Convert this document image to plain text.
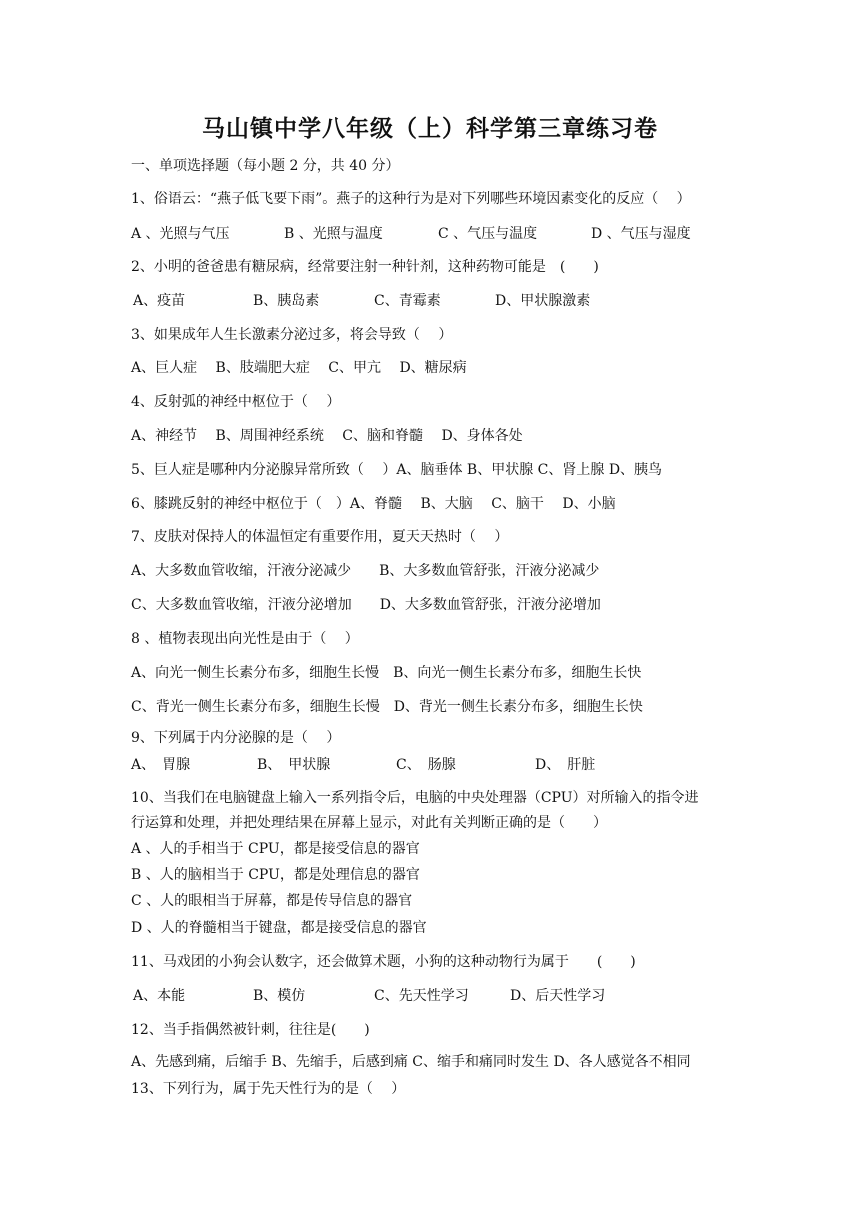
马山镇中学八年级（上）科学第三章练习卷
一、单项选择题（每小题 2 分，共 40 分）
1、俗语云：“燕子低飞要下雨”。燕子的这种行为是对下列哪些环境因素变化的反应（　 ）
A 、光照与气压	B 、光照与温度	C 、气压与温度	D 、气压与湿度
2、小明的爸爸患有糖尿病，经常要注射一种针剂，这种药物可能是　(　　)
A、疫苗	B、胰岛素	C、青霉素	D、甲状腺激素
3、如果成年人生长激素分泌过多，将会导致（　 ）
A、巨人症　 B、肢端肥大症　 C、甲亢　 D、糖尿病
4、反射弧的神经中枢位于（　 ）
A、神经节　 B、周围神经系统　 C、脑和脊髓　 D、身体各处
5、巨人症是哪种内分泌腺异常所致（　 ）A、脑垂体 B、甲状腺 C、肾上腺 D、胰鸟
6、膝跳反射的神经中枢位于（　）A、脊髓　 B、大脑　 C、脑干　 D、小脑
7、皮肤对保持人的体温恒定有重要作用，夏天天热时（　 ）
A、大多数血管收缩，汗液分泌减少　　B、大多数血管舒张，汗液分泌减少
C、大多数血管收缩，汗液分泌增加　　D、大多数血管舒张，汗液分泌增加
8 、植物表现出向光性是由于（　 ）
A、向光一侧生长素分布多，细胞生长慢　B、向光一侧生长素分布多，细胞生长快
C、背光一侧生长素分布多，细胞生长慢　D、背光一侧生长素分布多，细胞生长快
9、下列属于内分泌腺的是（　 ）
A、　胃腺	B、　甲状腺	C、　肠腺	D、　肝脏
10、当我们在电脑键盘上输入一系列指令后，电脑的中央处理器（CPU）对所输入的指令进
行运算和处理，并把处理结果在屏幕上显示，对此有关判断正确的是（　　）
A 、人的手相当于 CPU，都是接受信息的器官
B 、人的脑相当于 CPU，都是处理信息的器官
C 、人的眼相当于屏幕，都是传导信息的器官
D 、人的脊髓相当于键盘，都是接受信息的器官
11、马戏团的小狗会认数字，还会做算术题，小狗的这种动物行为属于　　(　　)
A、本能	B、模仿	C、先天性学习	D、后天性学习
12、当手指偶然被针刺，往往是(　　)
A、先感到痛，后缩手 B、先缩手，后感到痛 C、缩手和痛同时发生 D、各人感觉各不相同
13、下列行为，属于先天性行为的是（　 ）
